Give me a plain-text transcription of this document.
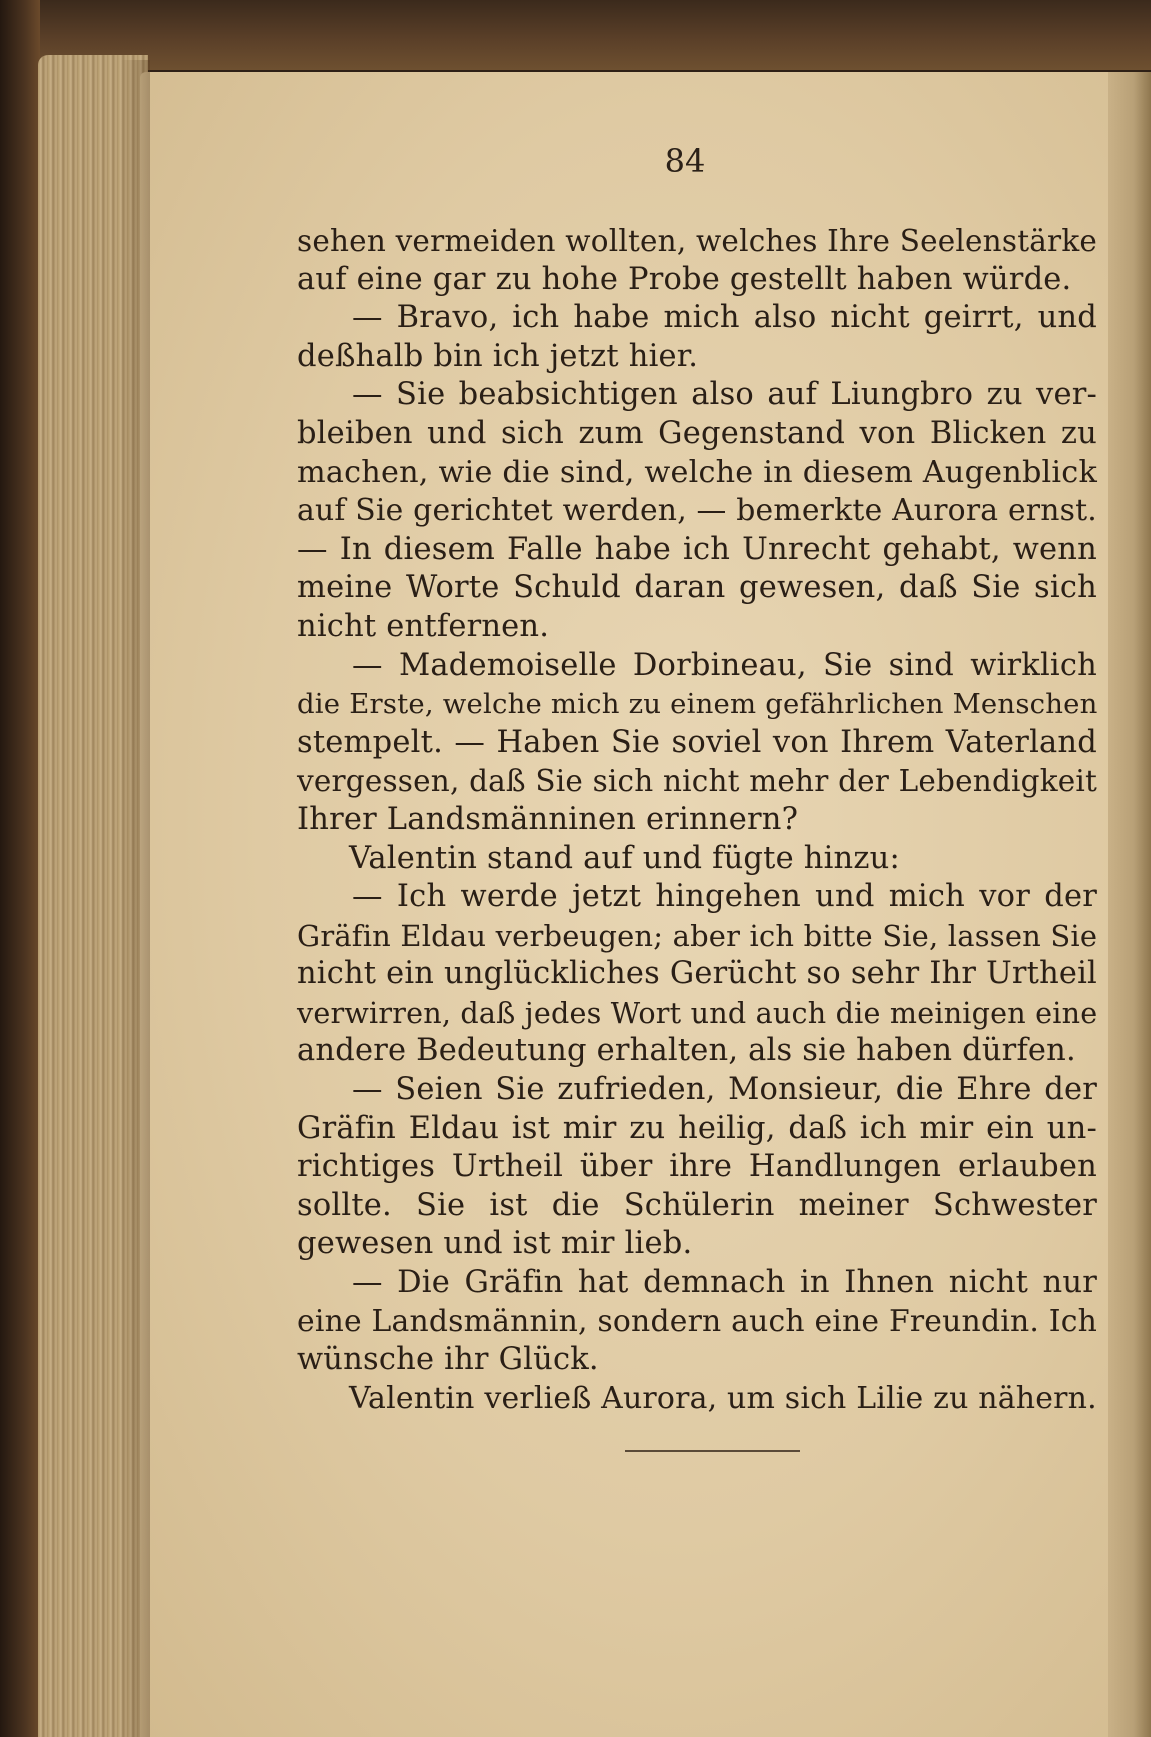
84
sehen vermeiden wollten, welches Ihre Seelenstärke
auf eine gar zu hohe Probe gestellt haben würde.
— Bravo, ich habe mich also nicht geirrt, und
deßhalb bin ich jetzt hier.
— Sie beabsichtigen also auf Liungbro zu ver-
bleiben und sich zum Gegenstand von Blicken zu
machen, wie die sind, welche in diesem Augenblick
auf Sie gerichtet werden, — bemerkte Aurora ernst.
— In diesem Falle habe ich Unrecht gehabt, wenn
meine Worte Schuld daran gewesen, daß Sie sich
nicht entfernen.
— Mademoiselle Dorbineau, Sie sind wirklich
die Erste, welche mich zu einem gefährlichen Menschen
stempelt. — Haben Sie soviel von Ihrem Vaterland
vergessen, daß Sie sich nicht mehr der Lebendigkeit
Ihrer Landsmänninen erinnern?
Valentin stand auf und fügte hinzu:
— Ich werde jetzt hingehen und mich vor der
Gräfin Eldau verbeugen; aber ich bitte Sie, lassen Sie
nicht ein unglückliches Gerücht so sehr Ihr Urtheil
verwirren, daß jedes Wort und auch die meinigen eine
andere Bedeutung erhalten, als sie haben dürfen.
— Seien Sie zufrieden, Monsieur, die Ehre der
Gräfin Eldau ist mir zu heilig, daß ich mir ein un-
richtiges Urtheil über ihre Handlungen erlauben
sollte. Sie ist die Schülerin meiner Schwester
gewesen und ist mir lieb.
— Die Gräfin hat demnach in Ihnen nicht nur
eine Landsmännin, sondern auch eine Freundin. Ich
wünsche ihr Glück.
Valentin verließ Aurora, um sich Lilie zu nähern.
